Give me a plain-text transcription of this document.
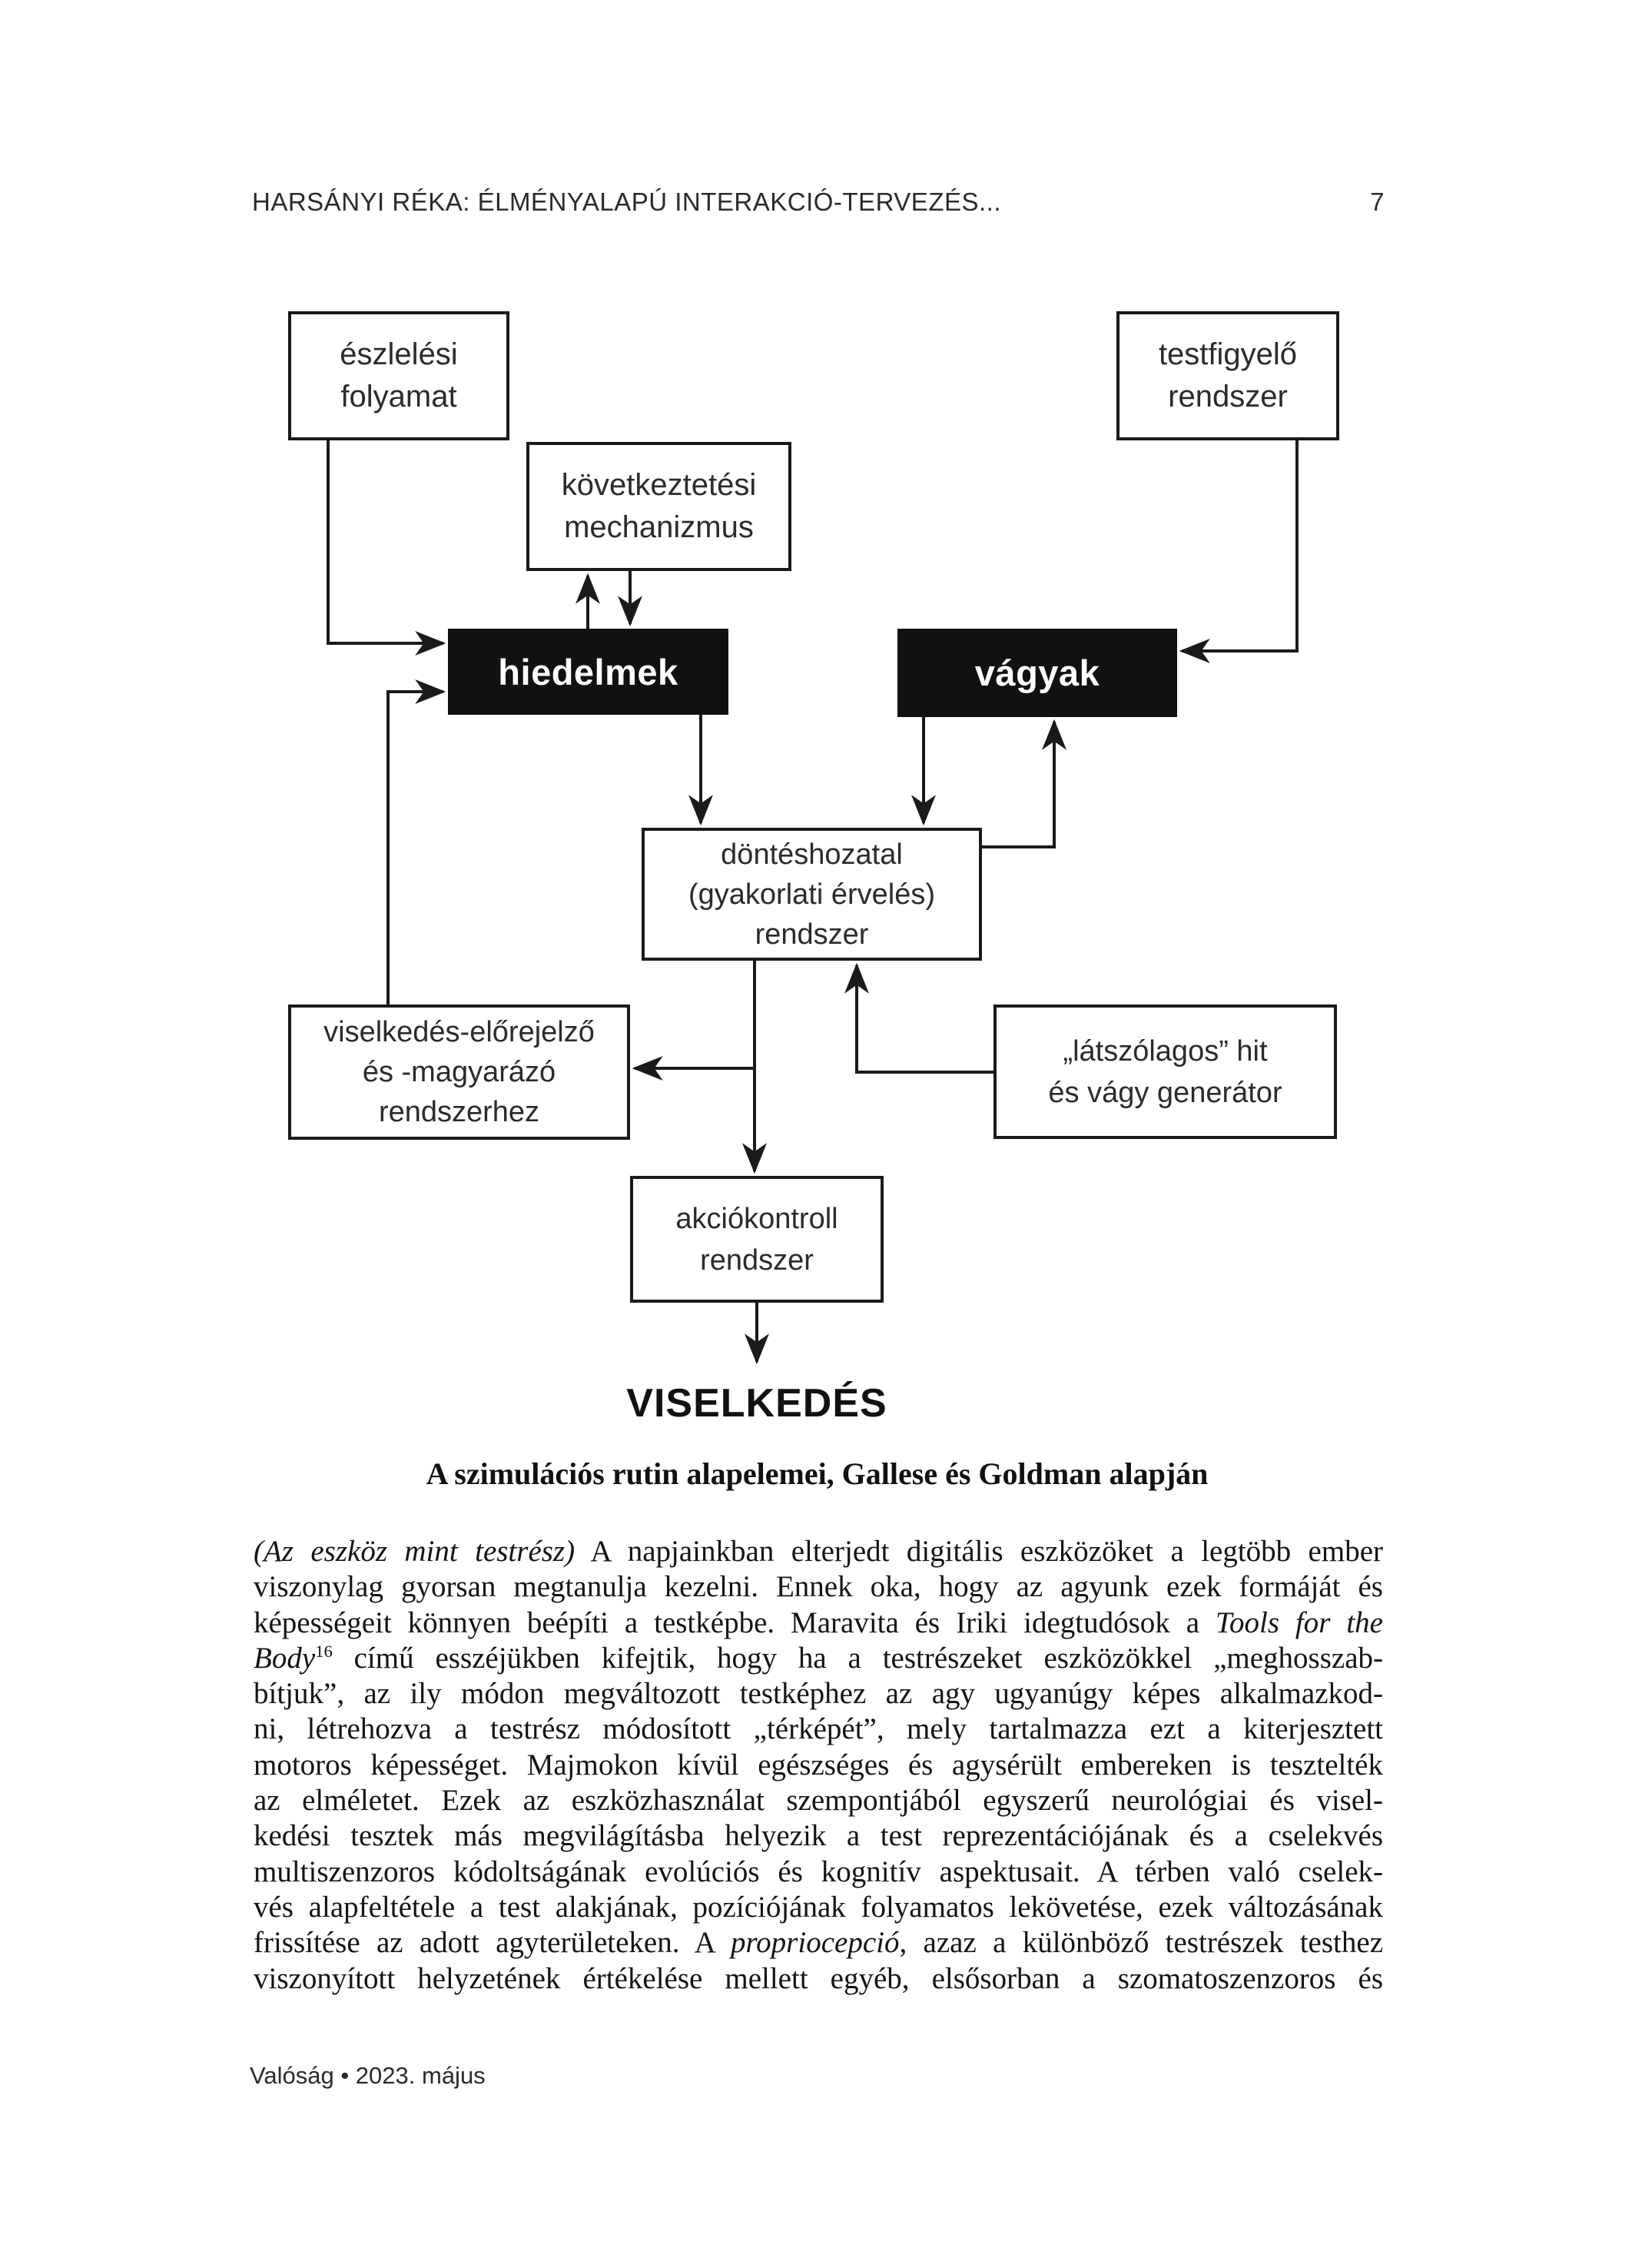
HARSÁNYI RÉKA: ÉLMÉNYALAPÚ INTERAKCIÓ-TERVEZÉS...	7
észlelési
folyamat
testfigyelő
rendszer
következtetési
mechanizmus
hiedelmek	vágyak
döntéshozatal
(gyakorlati érvelés)
rendszer
viselkedés-előrejelző
és -magyarázó
rendszerhez
„látszólagos” hit
és vágy generátor
akciókontroll
rendszer
VISELKEDÉS
A szimulációs rutin alapelemei, Gallese és Goldman alapján
(Az eszköz mint testrész) A napjainkban elterjedt digitális eszközöket a legtöbb ember
viszonylag gyorsan megtanulja kezelni. Ennek oka, hogy az agyunk ezek formáját és
képességeit könnyen beépíti a testképbe. Maravita és Iriki idegtudósok a Tools for the
Body$^{16}$ című esszéjükben kifejtik, hogy ha a testrészeket eszközökkel „meghosszab-
bítjuk”, az ily módon megváltozott testképhez az agy ugyanúgy képes alkalmazkod-
ni, létrehozva a testrész módosított „térképét”, mely tartalmazza ezt a kiterjesztett
motoros képességet. Majmokon kívül egészséges és agysérült embereken is tesztelték
az elméletet. Ezek az eszközhasználat szempontjából egyszerű neurológiai és visel-
kedési tesztek más megvilágításba helyezik a test reprezentációjának és a cselekvés
multiszenzoros kódoltságának evolúciós és kognitív aspektusait. A térben való cselek-
vés alapfeltétele a test alakjának, pozíciójának folyamatos lekövetése, ezek változásának
frissítése az adott agyterületeken. A propriocepció, azaz a különböző testrészek testhez
viszonyított helyzetének értékelése mellett egyéb, elsősorban a szomatoszenzoros és
Valóság • 2023. május
